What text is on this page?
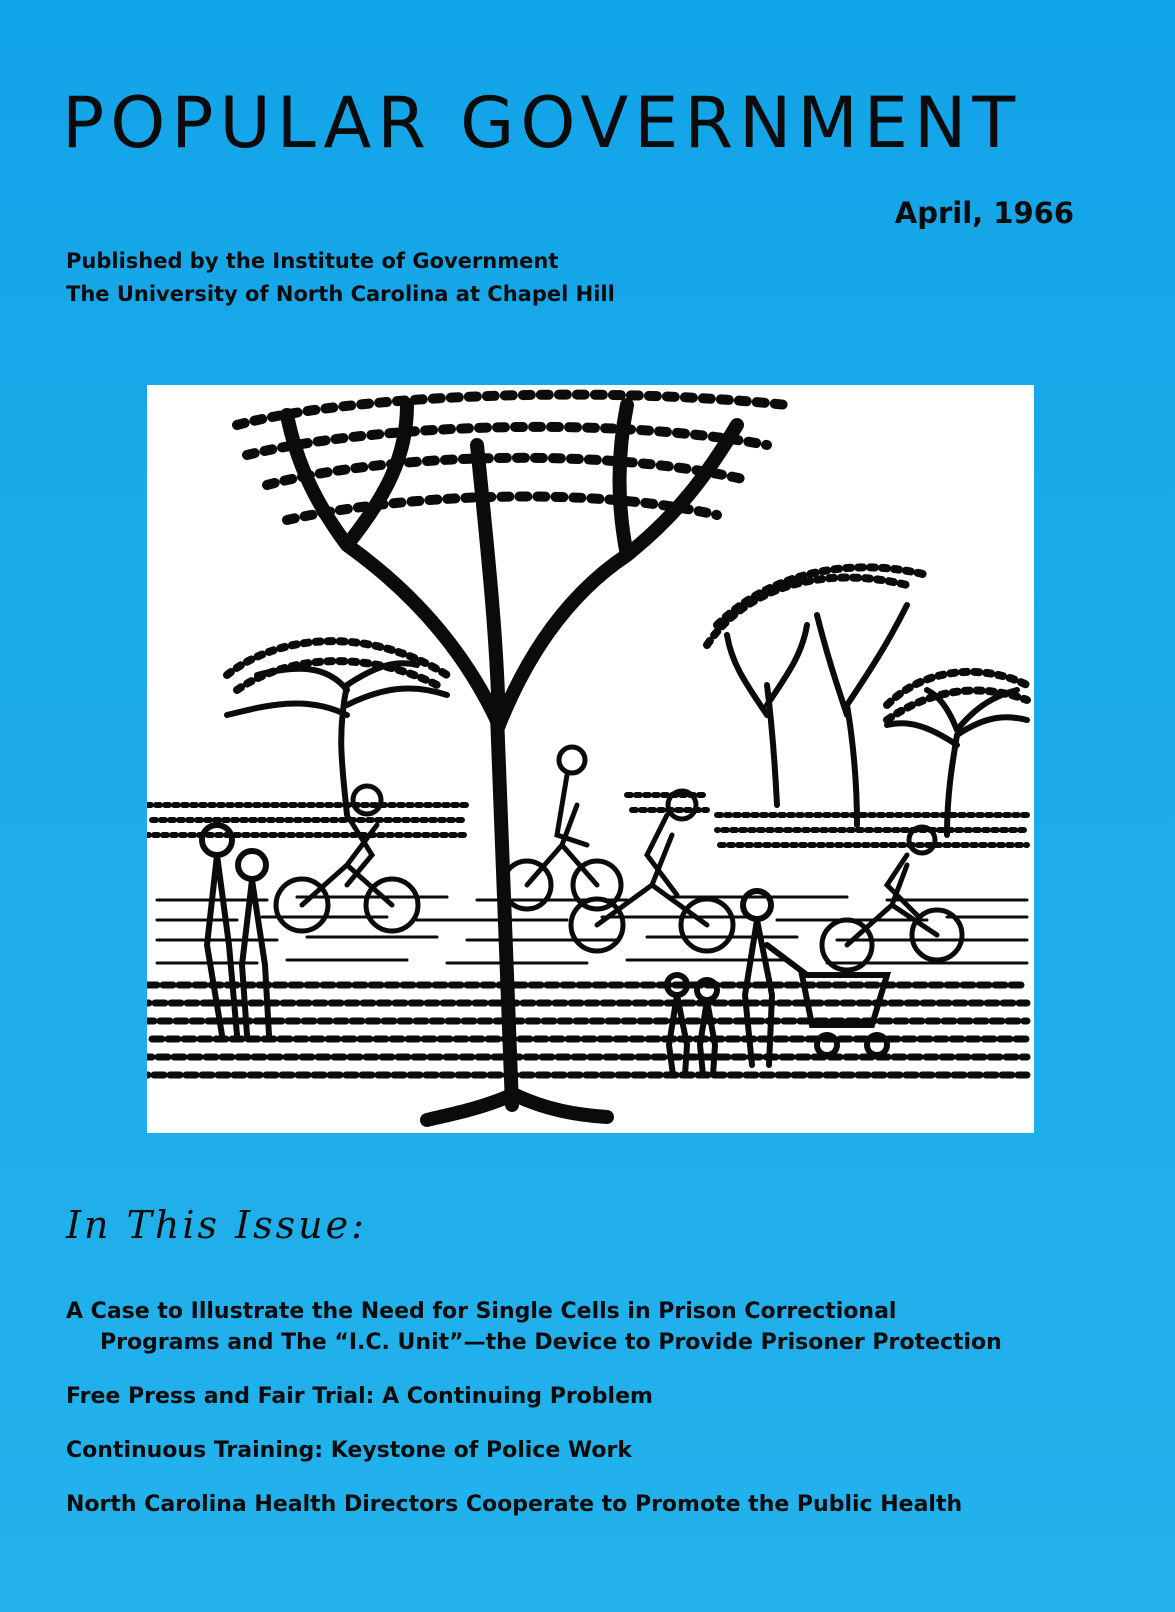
POPULAR GOVERNMENT
April, 1966
Published by the Institute of Government
The University of North Carolina at Chapel Hill
In This Issue:
A Case to Illustrate the Need for Single Cells in Prison Correctional
Programs and The “I.C. Unit”—the Device to Provide Prisoner Protection
Free Press and Fair Trial: A Continuing Problem
Continuous Training: Keystone of Police Work
North Carolina Health Directors Cooperate to Promote the Public Health
